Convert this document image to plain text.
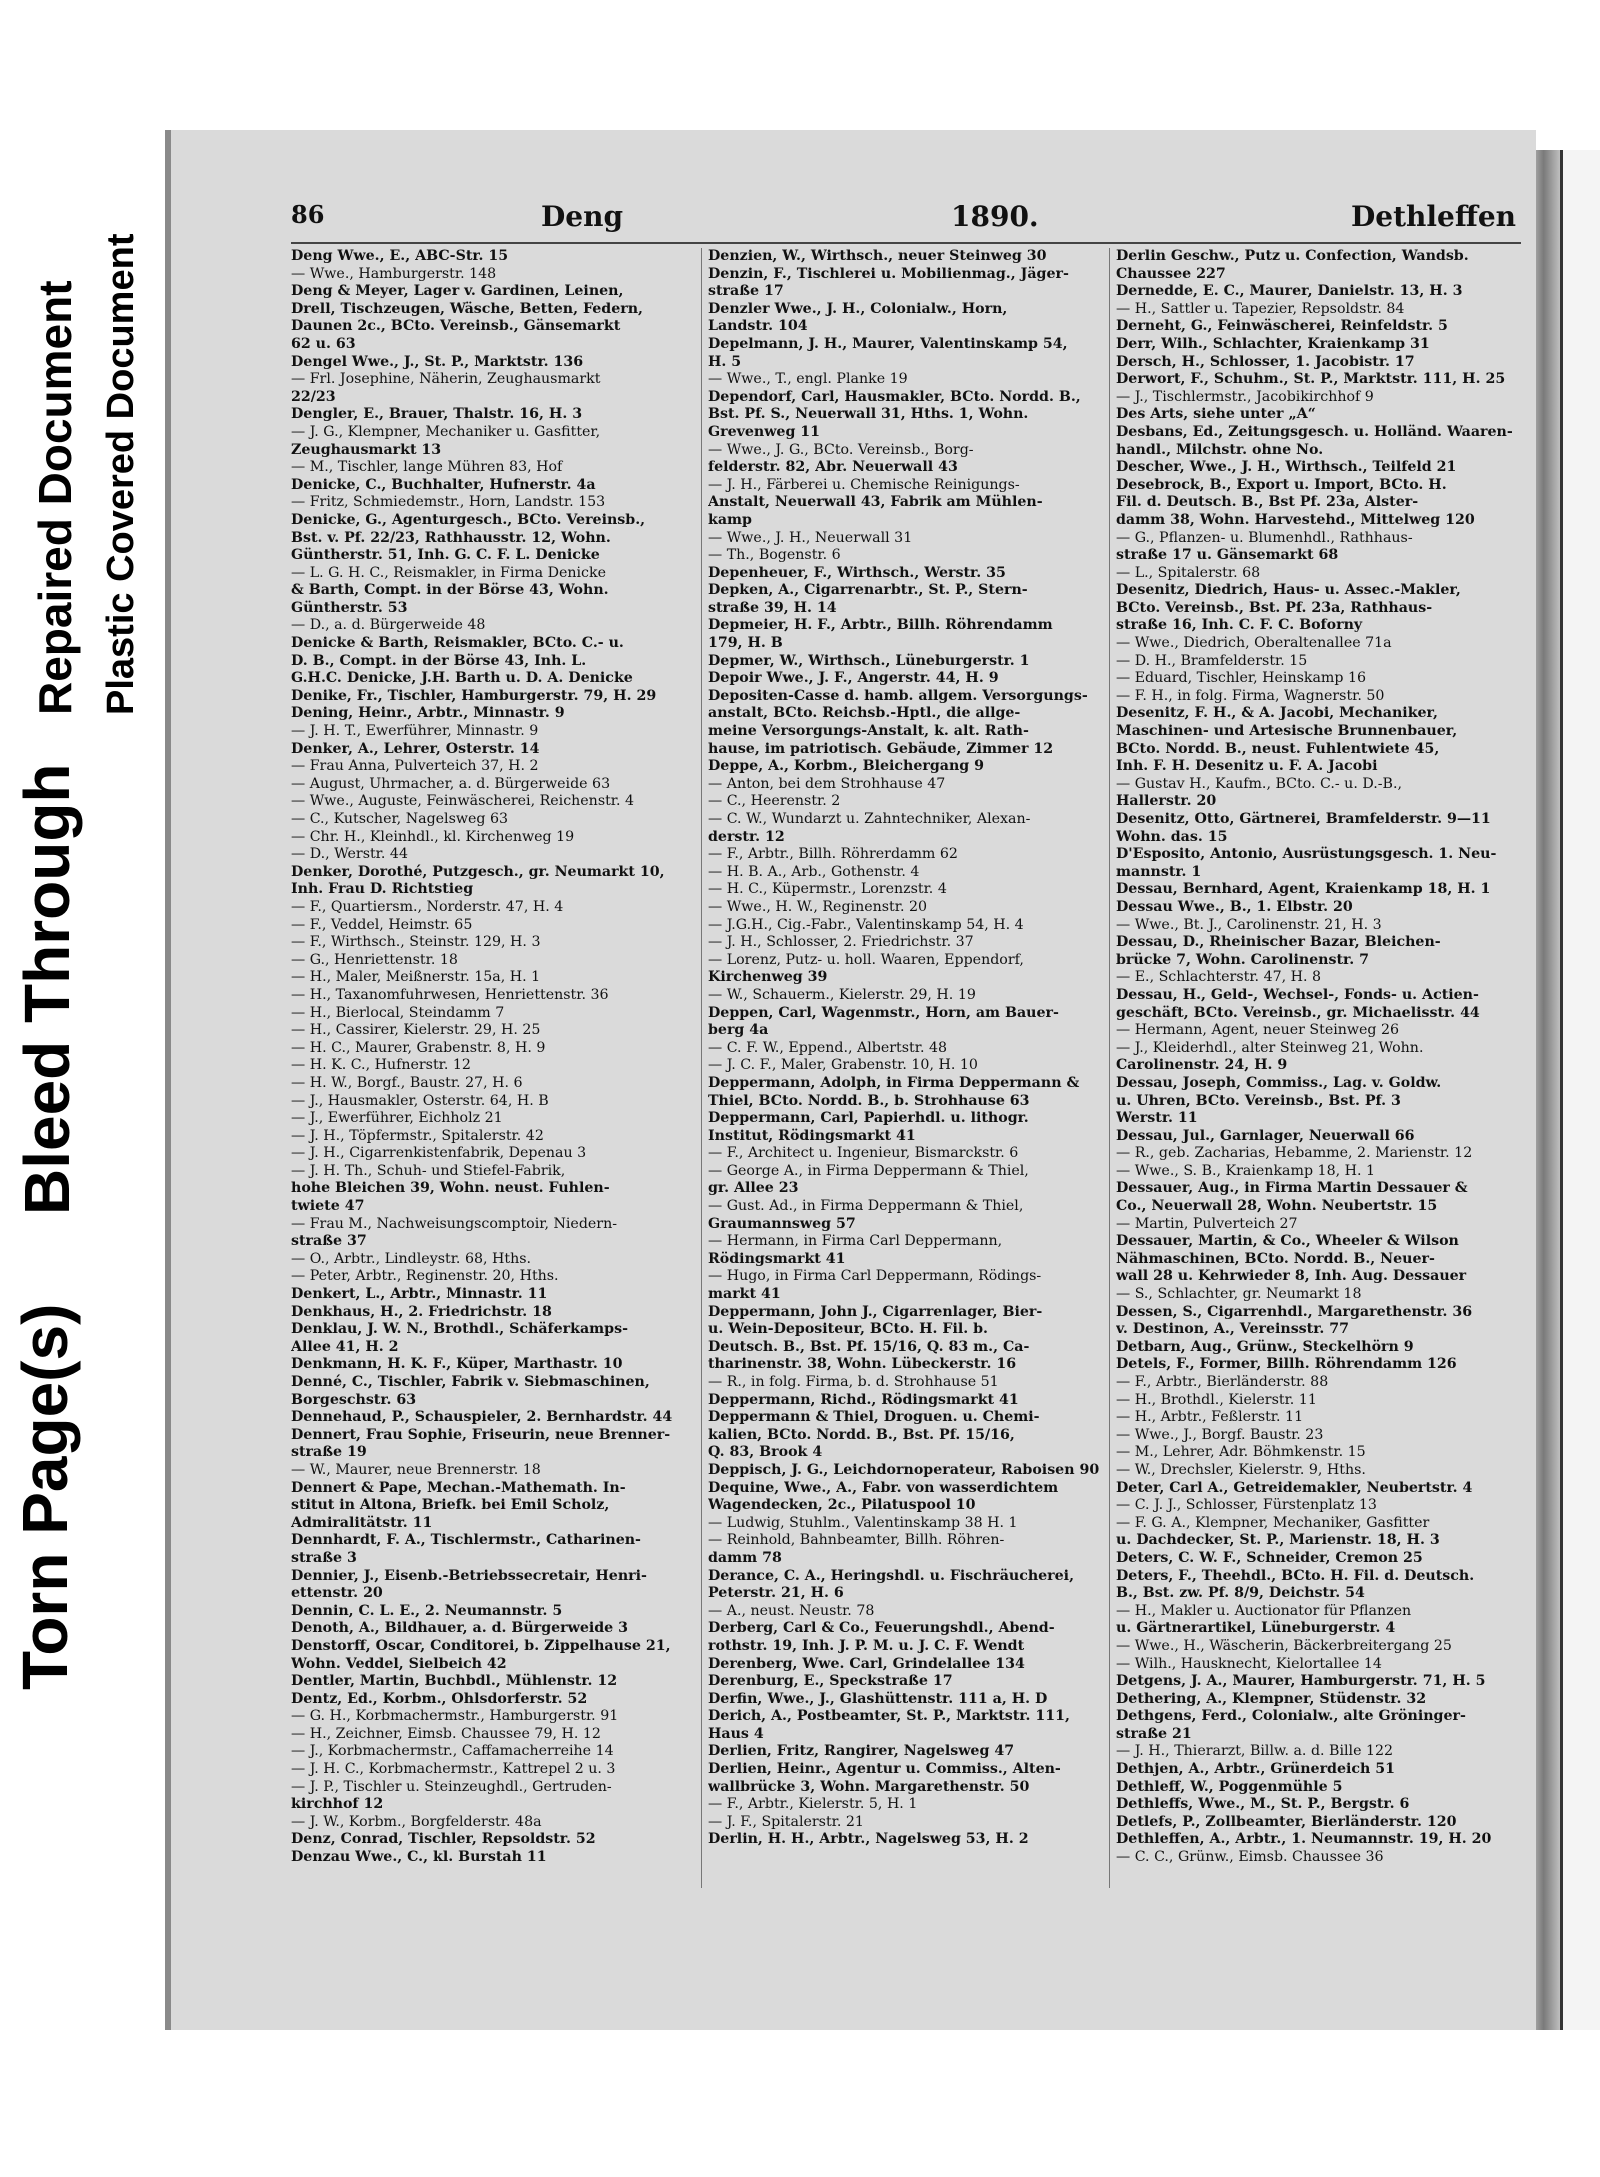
Torn Page(s)
Bleed Through
Repaired Document Plastic Covered Document
86	Deng	1890.	Dethleffen
Deng Wwe., E., ABC-Str. 15
— Wwe., Hamburgerstr. 148
Deng & Meyer, Lager v. Gardinen, Leinen,
Drell, Tischzeugen, Wäsche, Betten, Federn,
Daunen 2c., BCto. Vereinsb., Gänsemarkt
62 u. 63
Dengel Wwe., J., St. P., Marktstr. 136
— Frl. Josephine, Näherin, Zeughausmarkt
22/23
Dengler, E., Brauer, Thalstr. 16, H. 3
— J. G., Klempner, Mechaniker u. Gasfitter,
Zeughausmarkt 13
— M., Tischler, lange Mühren 83, Hof
Denicke, C., Buchhalter, Hufnerstr. 4a
— Fritz, Schmiedemstr., Horn, Landstr. 153
Denicke, G., Agenturgesch., BCto. Vereinsb.,
Bst. v. Pf. 22/23, Rathhausstr. 12, Wohn.
Güntherstr. 51, Inh. G. C. F. L. Denicke
— L. G. H. C., Reismakler, in Firma Denicke
& Barth, Compt. in der Börse 43, Wohn.
Güntherstr. 53
— D., a. d. Bürgerweide 48
Denicke & Barth, Reismakler, BCto. C.- u.
D. B., Compt. in der Börse 43, Inh. L.
G.H.C. Denicke, J.H. Barth u. D. A. Denicke
Denike, Fr., Tischler, Hamburgerstr. 79, H. 29
Dening, Heinr., Arbtr., Minnastr. 9
— J. H. T., Ewerführer, Minnastr. 9
Denker, A., Lehrer, Osterstr. 14
— Frau Anna, Pulverteich 37, H. 2
— August, Uhrmacher, a. d. Bürgerweide 63
— Wwe., Auguste, Feinwäscherei, Reichenstr. 4
— C., Kutscher, Nagelsweg 63
— Chr. H., Kleinhdl., kl. Kirchenweg 19
— D., Werstr. 44
Denker, Dorothé, Putzgesch., gr. Neumarkt 10,
Inh. Frau D. Richtstieg
— F., Quartiersm., Norderstr. 47, H. 4
— F., Veddel, Heimstr. 65
— F., Wirthsch., Steinstr. 129, H. 3
— G., Henriettenstr. 18
— H., Maler, Meißnerstr. 15a, H. 1
— H., Taxanomfuhrwesen, Henriettenstr. 36
— H., Bierlocal, Steindamm 7
— H., Cassirer, Kielerstr. 29, H. 25
— H. C., Maurer, Grabenstr. 8, H. 9
— H. K. C., Hufnerstr. 12
— H. W., Borgf., Baustr. 27, H. 6
— J., Hausmakler, Osterstr. 64, H. B
— J., Ewerführer, Eichholz 21
— J. H., Töpfermstr., Spitalerstr. 42
— J. H., Cigarrenkistenfabrik, Depenau 3
— J. H. Th., Schuh- und Stiefel-Fabrik,
hohe Bleichen 39, Wohn. neust. Fuhlen-
twiete 47
— Frau M., Nachweisungscomptoir, Niedern-
straße 37
— O., Arbtr., Lindleystr. 68, Hths.
— Peter, Arbtr., Reginenstr. 20, Hths.
Denkert, L., Arbtr., Minnastr. 11
Denkhaus, H., 2. Friedrichstr. 18
Denklau, J. W. N., Brothdl., Schäferkamps-
Allee 41, H. 2
Denkmann, H. K. F., Küper, Marthastr. 10
Denné, C., Tischler, Fabrik v. Siebmaschinen,
Borgeschstr. 63
Dennehaud, P., Schauspieler, 2. Bernhardstr. 44
Dennert, Frau Sophie, Friseurin, neue Brenner-
straße 19
— W., Maurer, neue Brennerstr. 18
Dennert & Pape, Mechan.-Mathemath. In-
stitut in Altona, Briefk. bei Emil Scholz,
Admiralitätstr. 11
Dennhardt, F. A., Tischlermstr., Catharinen-
straße 3
Dennier, J., Eisenb.-Betriebssecretair, Henri-
ettenstr. 20
Dennin, C. L. E., 2. Neumannstr. 5
Denoth, A., Bildhauer, a. d. Bürgerweide 3
Denstorff, Oscar, Conditorei, b. Zippelhause 21,
Wohn. Veddel, Sielbeich 42
Dentler, Martin, Buchbdl., Mühlenstr. 12
Dentz, Ed., Korbm., Ohlsdorferstr. 52
— G. H., Korbmachermstr., Hamburgerstr. 91
— H., Zeichner, Eimsb. Chaussee 79, H. 12
— J., Korbmachermstr., Caffamacherreihe 14
— J. H. C., Korbmachermstr., Kattrepel 2 u. 3
— J. P., Tischler u. Steinzeughdl., Gertruden-
kirchhof 12
— J. W., Korbm., Borgfelderstr. 48a
Denz, Conrad, Tischler, Repsoldstr. 52
Denzau Wwe., C., kl. Burstah 11
Denzien, W., Wirthsch., neuer Steinweg 30
Denzin, F., Tischlerei u. Mobilienmag., Jäger-
straße 17
Denzler Wwe., J. H., Colonialw., Horn,
Landstr. 104
Depelmann, J. H., Maurer, Valentinskamp 54,
H. 5
— Wwe., T., engl. Planke 19
Dependorf, Carl, Hausmakler, BCto. Nordd. B.,
Bst. Pf. S., Neuerwall 31, Hths. 1, Wohn.
Grevenweg 11
— Wwe., J. G., BCto. Vereinsb., Borg-
felderstr. 82, Abr. Neuerwall 43
— J. H., Färberei u. Chemische Reinigungs-
Anstalt, Neuerwall 43, Fabrik am Mühlen-
kamp
— Wwe., J. H., Neuerwall 31
— Th., Bogenstr. 6
Depenheuer, F., Wirthsch., Werstr. 35
Depken, A., Cigarrenarbtr., St. P., Stern-
straße 39, H. 14
Depmeier, H. F., Arbtr., Billh. Röhrendamm
179, H. B
Depmer, W., Wirthsch., Lüneburgerstr. 1
Depoir Wwe., J. F., Angerstr. 44, H. 9
Depositen-Casse d. hamb. allgem. Versorgungs-
anstalt, BCto. Reichsb.-Hptl., die allge-
meine Versorgungs-Anstalt, k. alt. Rath-
hause, im patriotisch. Gebäude, Zimmer 12
Deppe, A., Korbm., Bleichergang 9
— Anton, bei dem Strohhause 47
— C., Heerenstr. 2
— C. W., Wundarzt u. Zahntechniker, Alexan-
derstr. 12
— F., Arbtr., Billh. Röhrerdamm 62
— H. B. A., Arb., Gothenstr. 4
— H. C., Küpermstr., Lorenzstr. 4
— Wwe., H. W., Reginenstr. 20
— J.G.H., Cig.-Fabr., Valentinskamp 54, H. 4
— J. H., Schlosser, 2. Friedrichstr. 37
— Lorenz, Putz- u. holl. Waaren, Eppendorf,
Kirchenweg 39
— W., Schauerm., Kielerstr. 29, H. 19
Deppen, Carl, Wagenmstr., Horn, am Bauer-
berg 4a
— C. F. W., Eppend., Albertstr. 48
— J. C. F., Maler, Grabenstr. 10, H. 10
Deppermann, Adolph, in Firma Deppermann &
Thiel, BCto. Nordd. B., b. Strohhause 63
Deppermann, Carl, Papierhdl. u. lithogr.
Institut, Rödingsmarkt 41
— F., Architect u. Ingenieur, Bismarckstr. 6
— George A., in Firma Deppermann & Thiel,
gr. Allee 23
— Gust. Ad., in Firma Deppermann & Thiel,
Graumannsweg 57
— Hermann, in Firma Carl Deppermann,
Rödingsmarkt 41
— Hugo, in Firma Carl Deppermann, Rödings-
markt 41
Deppermann, John J., Cigarrenlager, Bier-
u. Wein-Depositeur, BCto. H. Fil. b.
Deutsch. B., Bst. Pf. 15/16, Q. 83 m., Ca-
tharinenstr. 38, Wohn. Lübeckerstr. 16
— R., in folg. Firma, b. d. Strohhause 51
Deppermann, Richd., Rödingsmarkt 41
Deppermann & Thiel, Droguen. u. Chemi-
kalien, BCto. Nordd. B., Bst. Pf. 15/16,
Q. 83, Brook 4
Deppisch, J. G., Leichdornoperateur, Raboisen 90
Dequine, Wwe., A., Fabr. von wasserdichtem
Wagendecken, 2c., Pilatuspool 10
— Ludwig, Stuhlm., Valentinskamp 38 H. 1
— Reinhold, Bahnbeamter, Billh. Röhren-
damm 78
Derance, C. A., Heringshdl. u. Fischräucherei,
Peterstr. 21, H. 6
— A., neust. Neustr. 78
Derberg, Carl & Co., Feuerungshdl., Abend-
rothstr. 19, Inh. J. P. M. u. J. C. F. Wendt
Derenberg, Wwe. Carl, Grindelallee 134
Derenburg, E., Speckstraße 17
Derfin, Wwe., J., Glashüttenstr. 111 a, H. D
Derich, A., Postbeamter, St. P., Marktstr. 111,
Haus 4
Derlien, Fritz, Rangirer, Nagelsweg 47
Derlien, Heinr., Agentur u. Commiss., Alten-
wallbrücke 3, Wohn. Margarethenstr. 50
— F., Arbtr., Kielerstr. 5, H. 1
— J. F., Spitalerstr. 21
Derlin, H. H., Arbtr., Nagelsweg 53, H. 2
Derlin Geschw., Putz u. Confection, Wandsb.
Chaussee 227
Dernedde, E. C., Maurer, Danielstr. 13, H. 3
— H., Sattler u. Tapezier, Repsoldstr. 84
Derneht, G., Feinwäscherei, Reinfeldstr. 5
Derr, Wilh., Schlachter, Kraienkamp 31
Dersch, H., Schlosser, 1. Jacobistr. 17
Derwort, F., Schuhm., St. P., Marktstr. 111, H. 25
— J., Tischlermstr., Jacobikirchhof 9
Des Arts, siehe unter „A“
Desbans, Ed., Zeitungsgesch. u. Holländ. Waaren-
handl., Milchstr. ohne No.
Descher, Wwe., J. H., Wirthsch., Teilfeld 21
Desebrock, B., Export u. Import, BCto. H.
Fil. d. Deutsch. B., Bst Pf. 23a, Alster-
damm 38, Wohn. Harvestehd., Mittelweg 120
— G., Pflanzen- u. Blumenhdl., Rathhaus-
straße 17 u. Gänsemarkt 68
— L., Spitalerstr. 68
Desenitz, Diedrich, Haus- u. Assec.-Makler,
BCto. Vereinsb., Bst. Pf. 23a, Rathhaus-
straße 16, Inh. C. F. C. Boforny
— Wwe., Diedrich, Oberaltenallee 71a
— D. H., Bramfelderstr. 15
— Eduard, Tischler, Heinskamp 16
— F. H., in folg. Firma, Wagnerstr. 50
Desenitz, F. H., & A. Jacobi, Mechaniker,
Maschinen- und Artesische Brunnenbauer,
BCto. Nordd. B., neust. Fuhlentwiete 45,
Inh. F. H. Desenitz u. F. A. Jacobi
— Gustav H., Kaufm., BCto. C.- u. D.-B.,
Hallerstr. 20
Desenitz, Otto, Gärtnerei, Bramfelderstr. 9—11
Wohn. das. 15
D'Esposito, Antonio, Ausrüstungsgesch. 1. Neu-
mannstr. 1
Dessau, Bernhard, Agent, Kraienkamp 18, H. 1
Dessau Wwe., B., 1. Elbstr. 20
— Wwe., Bt. J., Carolinenstr. 21, H. 3
Dessau, D., Rheinischer Bazar, Bleichen-
brücke 7, Wohn. Carolinenstr. 7
— E., Schlachterstr. 47, H. 8
Dessau, H., Geld-, Wechsel-, Fonds- u. Actien-
geschäft, BCto. Vereinsb., gr. Michaelisstr. 44
— Hermann, Agent, neuer Steinweg 26
— J., Kleiderhdl., alter Steinweg 21, Wohn.
Carolinenstr. 24, H. 9
Dessau, Joseph, Commiss., Lag. v. Goldw.
u. Uhren, BCto. Vereinsb., Bst. Pf. 3
Werstr. 11
Dessau, Jul., Garnlager, Neuerwall 66
— R., geb. Zacharias, Hebamme, 2. Marienstr. 12
— Wwe., S. B., Kraienkamp 18, H. 1
Dessauer, Aug., in Firma Martin Dessauer &
Co., Neuerwall 28, Wohn. Neubertstr. 15
— Martin, Pulverteich 27
Dessauer, Martin, & Co., Wheeler & Wilson
Nähmaschinen, BCto. Nordd. B., Neuer-
wall 28 u. Kehrwieder 8, Inh. Aug. Dessauer
— S., Schlachter, gr. Neumarkt 18
Dessen, S., Cigarrenhdl., Margarethenstr. 36
v. Destinon, A., Vereinsstr. 77
Detbarn, Aug., Grünw., Steckelhörn 9
Detels, F., Former, Billh. Röhrendamm 126
— F., Arbtr., Bierländerstr. 88
— H., Brothdl., Kielerstr. 11
— H., Arbtr., Feßlerstr. 11
— Wwe., J., Borgf. Baustr. 23
— M., Lehrer, Adr. Böhmkenstr. 15
— W., Drechsler, Kielerstr. 9, Hths.
Deter, Carl A., Getreidemakler, Neubertstr. 4
— C. J. J., Schlosser, Fürstenplatz 13
— F. G. A., Klempner, Mechaniker, Gasfitter
u. Dachdecker, St. P., Marienstr. 18, H. 3
Deters, C. W. F., Schneider, Cremon 25
Deters, F., Theehdl., BCto. H. Fil. d. Deutsch.
B., Bst. zw. Pf. 8/9, Deichstr. 54
— H., Makler u. Auctionator für Pflanzen
u. Gärtnerartikel, Lüneburgerstr. 4
— Wwe., H., Wäscherin, Bäckerbreitergang 25
— Wilh., Hausknecht, Kielortallee 14
Detgens, J. A., Maurer, Hamburgerstr. 71, H. 5
Dethering, A., Klempner, Stüdenstr. 32
Dethgens, Ferd., Colonialw., alte Gröninger-
straße 21
— J. H., Thierarzt, Billw. a. d. Bille 122
Dethjen, A., Arbtr., Grünerdeich 51
Dethleff, W., Poggenmühle 5
Dethleffs, Wwe., M., St. P., Bergstr. 6
Detlefs, P., Zollbeamter, Bierländerstr. 120
Dethleffen, A., Arbtr., 1. Neumannstr. 19, H. 20
— C. C., Grünw., Eimsb. Chaussee 36
